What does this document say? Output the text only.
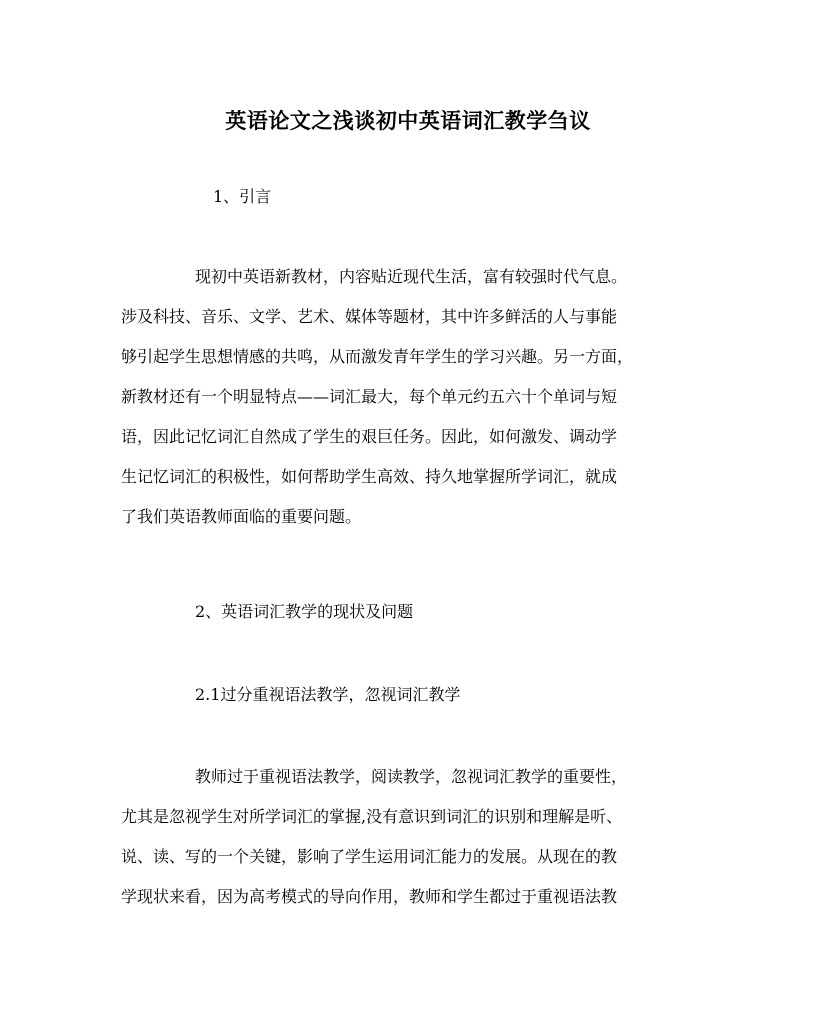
英语论文之浅谈初中英语词汇教学刍议
1、引言
现初中英语新教材，内容贴近现代生活，富有较强时代气息。
涉及科技、音乐、文学、艺术、媒体等题材，其中许多鲜活的人与事能
够引起学生思想情感的共鸣，从而激发青年学生的学习兴趣。另一方面，
新教材还有一个明显特点——词汇最大，每个单元约五六十个单词与短
语，因此记忆词汇自然成了学生的艰巨任务。因此，如何激发、调动学
生记忆词汇的积极性，如何帮助学生高效、持久地掌握所学词汇，就成
了我们英语教师面临的重要问题。
2、英语词汇教学的现状及问题
2.1过分重视语法教学，忽视词汇教学
教师过于重视语法教学，阅读教学，忽视词汇教学的重要性，
尤其是忽视学生对所学词汇的掌握,没有意识到词汇的识别和理解是听、
说、读、写的一个关键，影响了学生运用词汇能力的发展。从现在的教
学现状来看，因为高考模式的导向作用，教师和学生都过于重视语法教
